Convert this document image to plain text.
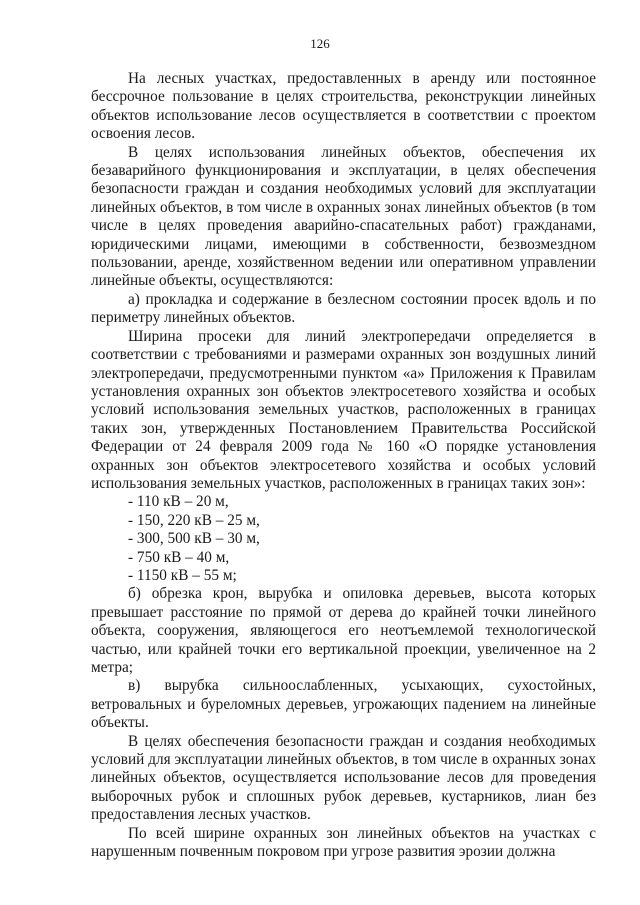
126

На лесных участках, предоставленных в аренду или постоянное бессрочное пользование в целях строительства, реконструкции линейных объектов использование лесов осуществляется в соответствии с проектом освоения лесов.

В целях использования линейных объектов, обеспечения их безаварийного функционирования и эксплуатации, в целях обеспечения безопасности граждан и создания необходимых условий для эксплуатации линейных объектов, в том числе в охранных зонах линейных объектов (в том числе в целях проведения аварийно-спасательных работ) гражданами, юридическими лицами, имеющими в собственности, безвозмездном пользовании, аренде, хозяйственном ведении или оперативном управлении линейные объекты, осуществляются:

а) прокладка и содержание в безлесном состоянии просек вдоль и по периметру линейных объектов.

Ширина просеки для линий электропередачи определяется в соответствии с требованиями и размерами охранных зон воздушных линий электропередачи, предусмотренными пунктом «а» Приложения к Правилам установления охранных зон объектов электросетевого хозяйства и особых условий использования земельных участков, расположенных в границах таких зон, утвержденных Постановлением Правительства Российской Федерации от 24 февраля 2009 года № 160 «О порядке установления охранных зон объектов электросетевого хозяйства и особых условий использования земельных участков, расположенных в границах таких зон»:

- 110 кВ – 20 м,

- 150, 220 кВ – 25 м,

- 300, 500 кВ – 30 м,

- 750 кВ – 40 м,

- 1150 кВ – 55 м;

б) обрезка крон, вырубка и опиловка деревьев, высота которых превышает расстояние по прямой от дерева до крайней точки линейного объекта, сооружения, являющегося его неотъемлемой технологической частью, или крайней точки его вертикальной проекции, увеличенное на 2 метра;

в) вырубка сильноослабленных, усыхающих, сухостойных, ветровальных и буреломных деревьев, угрожающих падением на линейные объекты.

В целях обеспечения безопасности граждан и создания необходимых условий для эксплуатации линейных объектов, в том числе в охранных зонах линейных объектов, осуществляется использование лесов для проведения выборочных рубок и сплошных рубок деревьев, кустарников, лиан без предоставления лесных участков.

По всей ширине охранных зон линейных объектов на участках с нарушенным почвенным покровом при угрозе развития эрозии должна
